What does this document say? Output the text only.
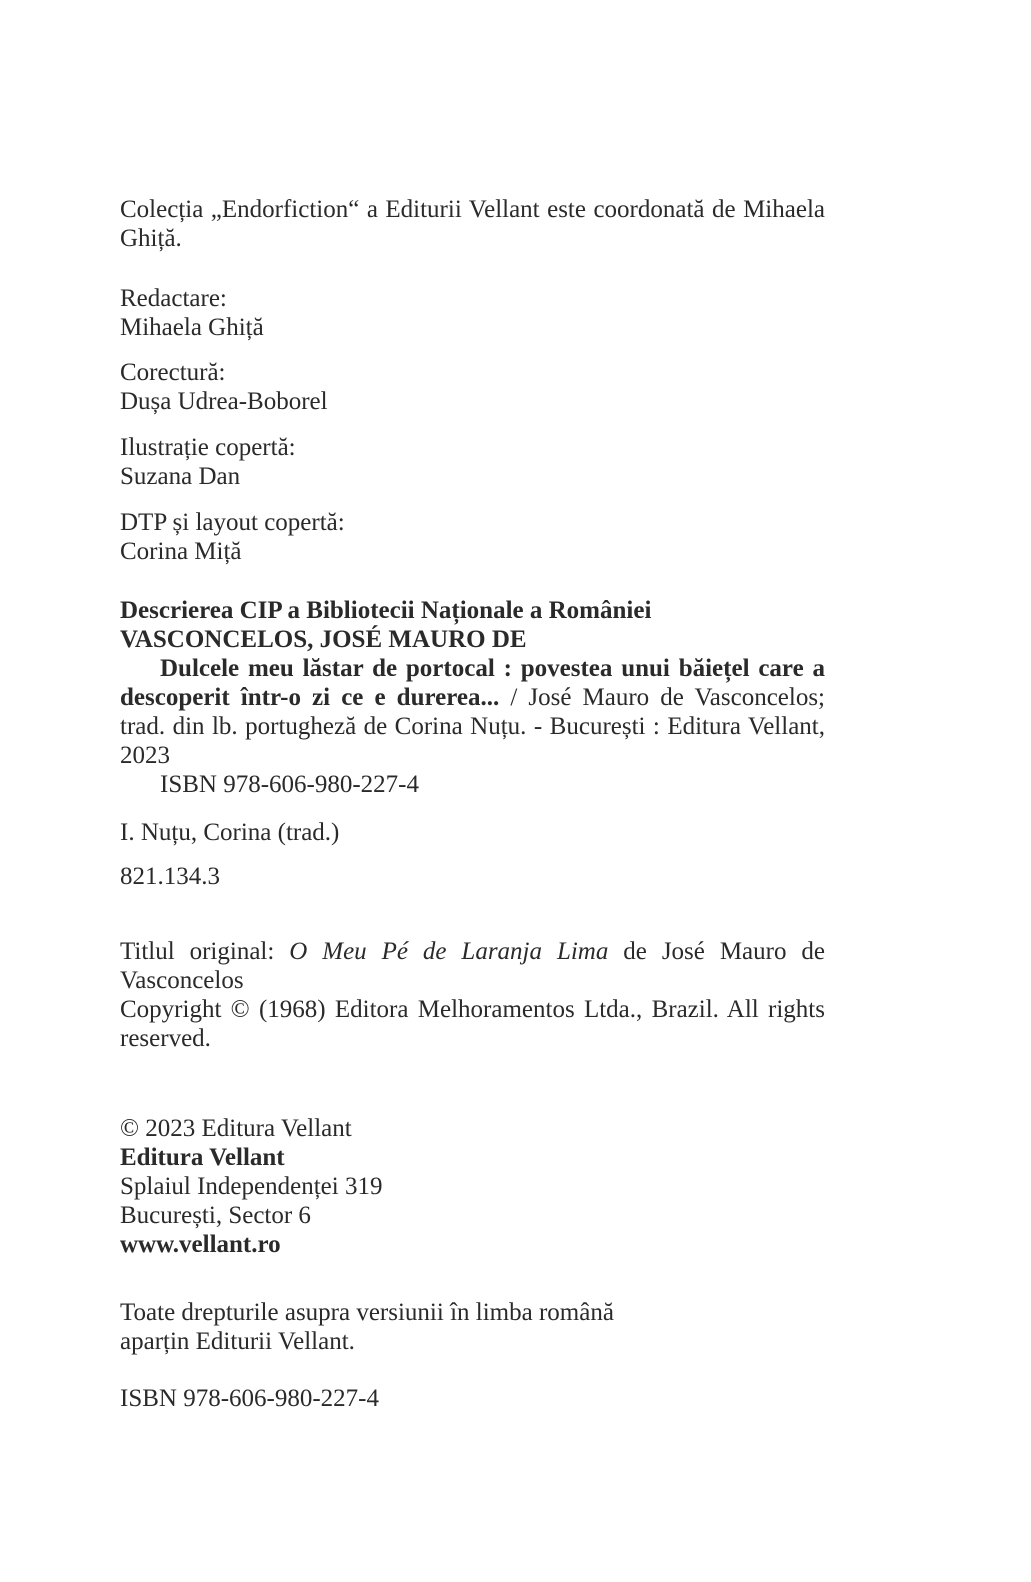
Colecția „Endorfiction“ a Editurii Vellant este coordonată de Mihaela Ghiță.

Redactare:
Mihaela Ghiță

Corectură:
Dușa Udrea-Boborel

Ilustrație copertă:
Suzana Dan

DTP și layout copertă:
Corina Miță

Descrierea CIP a Bibliotecii Naționale a României
VASCONCELOS, JOSÉ MAURO DE

Dulcele meu lăstar de portocal : povestea unui băiețel care a descoperit într-o zi ce e durerea... / José Mauro de Vasconcelos; trad. din lb. portugheză de Corina Nuțu. - București : Editura Vellant, 2023

ISBN 978-606-980-227-4

I. Nuțu, Corina (trad.)

821.134.3

Titlul original: O Meu Pé de Laranja Lima de José Mauro de Vasconcelos

Copyright © (1968) Editora Melhoramentos Ltda., Brazil. All rights reserved.

© 2023 Editura Vellant
Editura Vellant
Splaiul Independenței 319
București, Sector 6
www.vellant.ro
Toate drepturile asupra versiunii în limba română
aparțin Editurii Vellant.

ISBN 978-606-980-227-4
